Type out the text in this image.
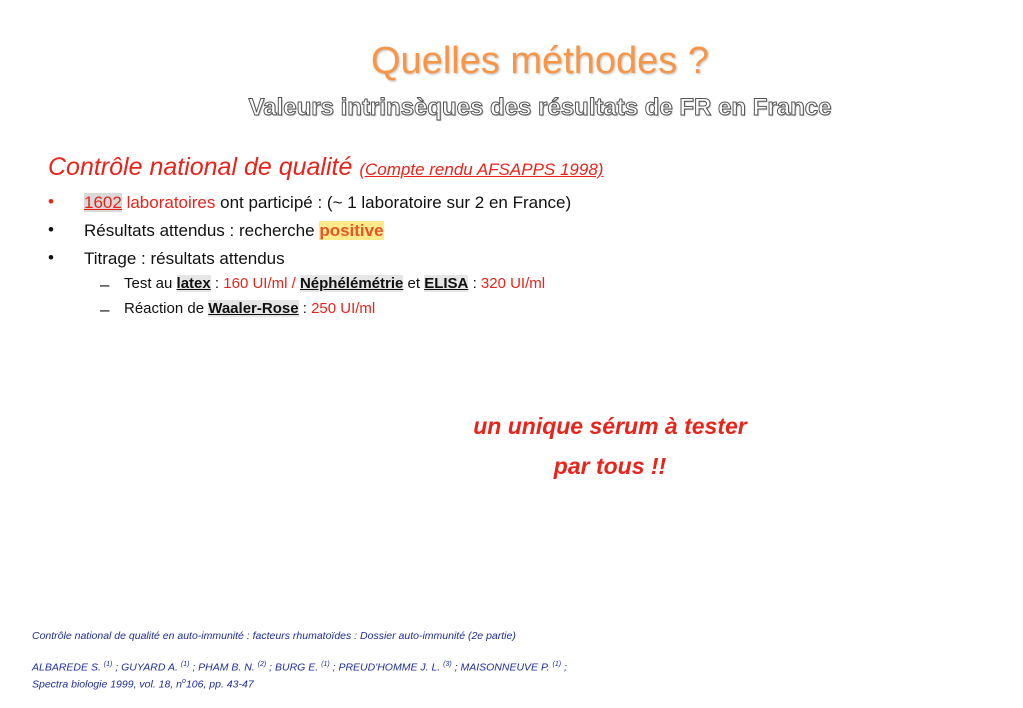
Quelles méthodes ?
Valeurs intrinsèques des résultats de FR en France
Contrôle national de qualité (Compte rendu AFSAPPS 1998)
• 1602 laboratoires ont participé : (~ 1 laboratoire sur 2 en France)
• Résultats attendus : recherche positive
• Titrage : résultats attendus
– Test au latex : 160 UI/ml / Néphélémétrie et ELISA : 320 UI/ml
– Réaction de Waaler-Rose : 250 UI/ml
un unique sérum à tester
par tous !!
Contrôle national de qualité en auto-immunité : facteurs rhumatoïdes : Dossier auto-immunité (2e partie)
ALBAREDE S. $^{(1)}$ ; GUYARD A. $^{(1)}$ ; PHAM B. N. $^{(2)}$ ; BURG E. $^{(1)}$ ; PREUD'HOMME J. L. $^{(3)}$ ; MAISONNEUVE P. $^{(1)}$ ;
Spectra biologie 1999, vol. 18, $n^o106$, pp. 43-47
